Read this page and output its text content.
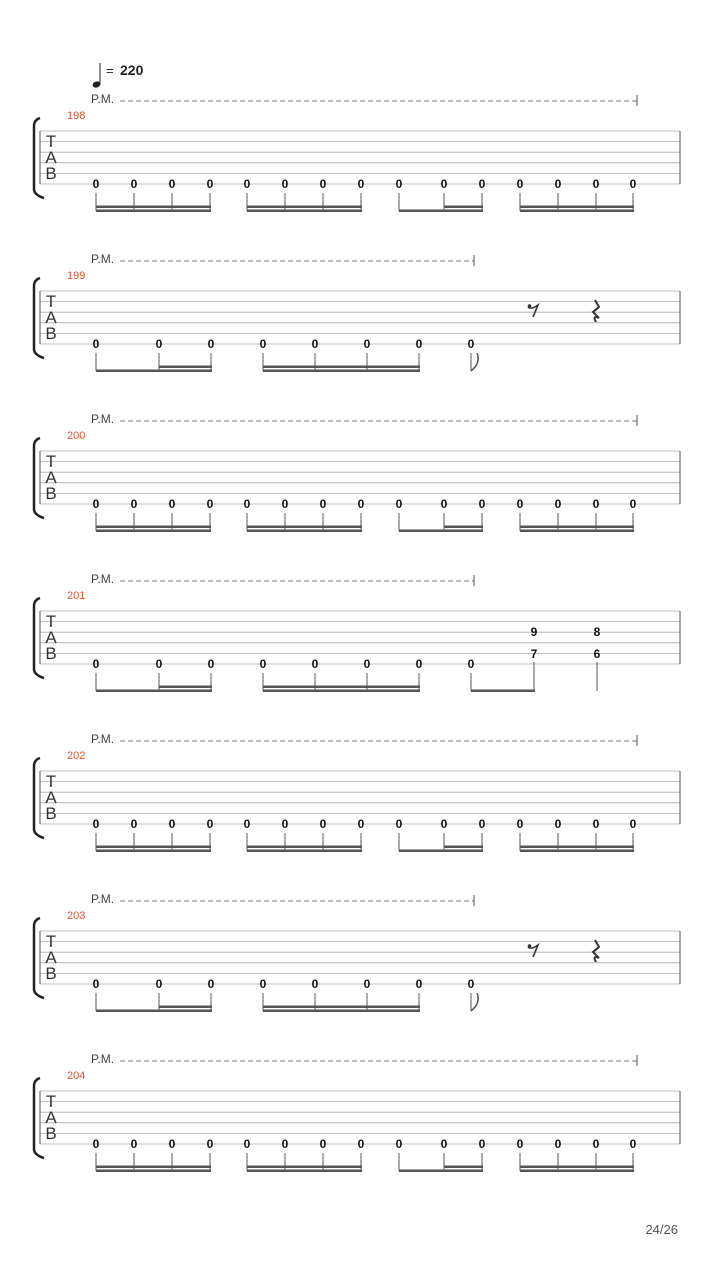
= 220
T
A
B
198
P.M.
0	0	0	0	0	0	0	0	0	0	0	0	0	0	0
T
A
B
199
P.M.
0	0	0	0	0	0	0	0
T
A
B
200
P.M.
0	0	0	0	0	0	0	0	0	0	0	0	0	0	0
T
A
B
201
P.M.
0	0	0	0	0	0	0	0
9
7
8
6
T
A
B
202
P.M.
0	0	0	0	0	0	0	0	0	0	0	0	0	0	0
T
A
B
203
P.M.
0	0	0	0	0	0	0	0
T
A
B
204
P.M.
0	0	0	0	0	0	0	0	0	0	0	0	0	0	0
24/26
